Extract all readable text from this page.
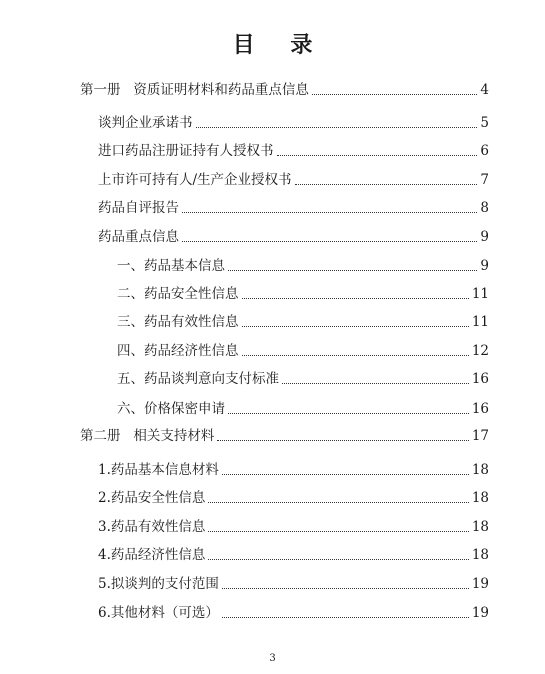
目 录
第一册   资质证明材料和药品重点信息	4
谈判企业承诺书	5
进口药品注册证持有人授权书	6
上市许可持有人/生产企业授权书	7
药品自评报告	8
药品重点信息	9
一、药品基本信息	9
二、药品安全性信息	11
三、药品有效性信息	11
四、药品经济性信息	12
五、药品谈判意向支付标准	16
六、价格保密申请	16
第二册   相关支持材料	17
1.药品基本信息材料	18
2.药品安全性信息	18
3.药品有效性信息	18
4.药品经济性信息	18
5.拟谈判的支付范围	19
6.其他材料（可选）	19
3
